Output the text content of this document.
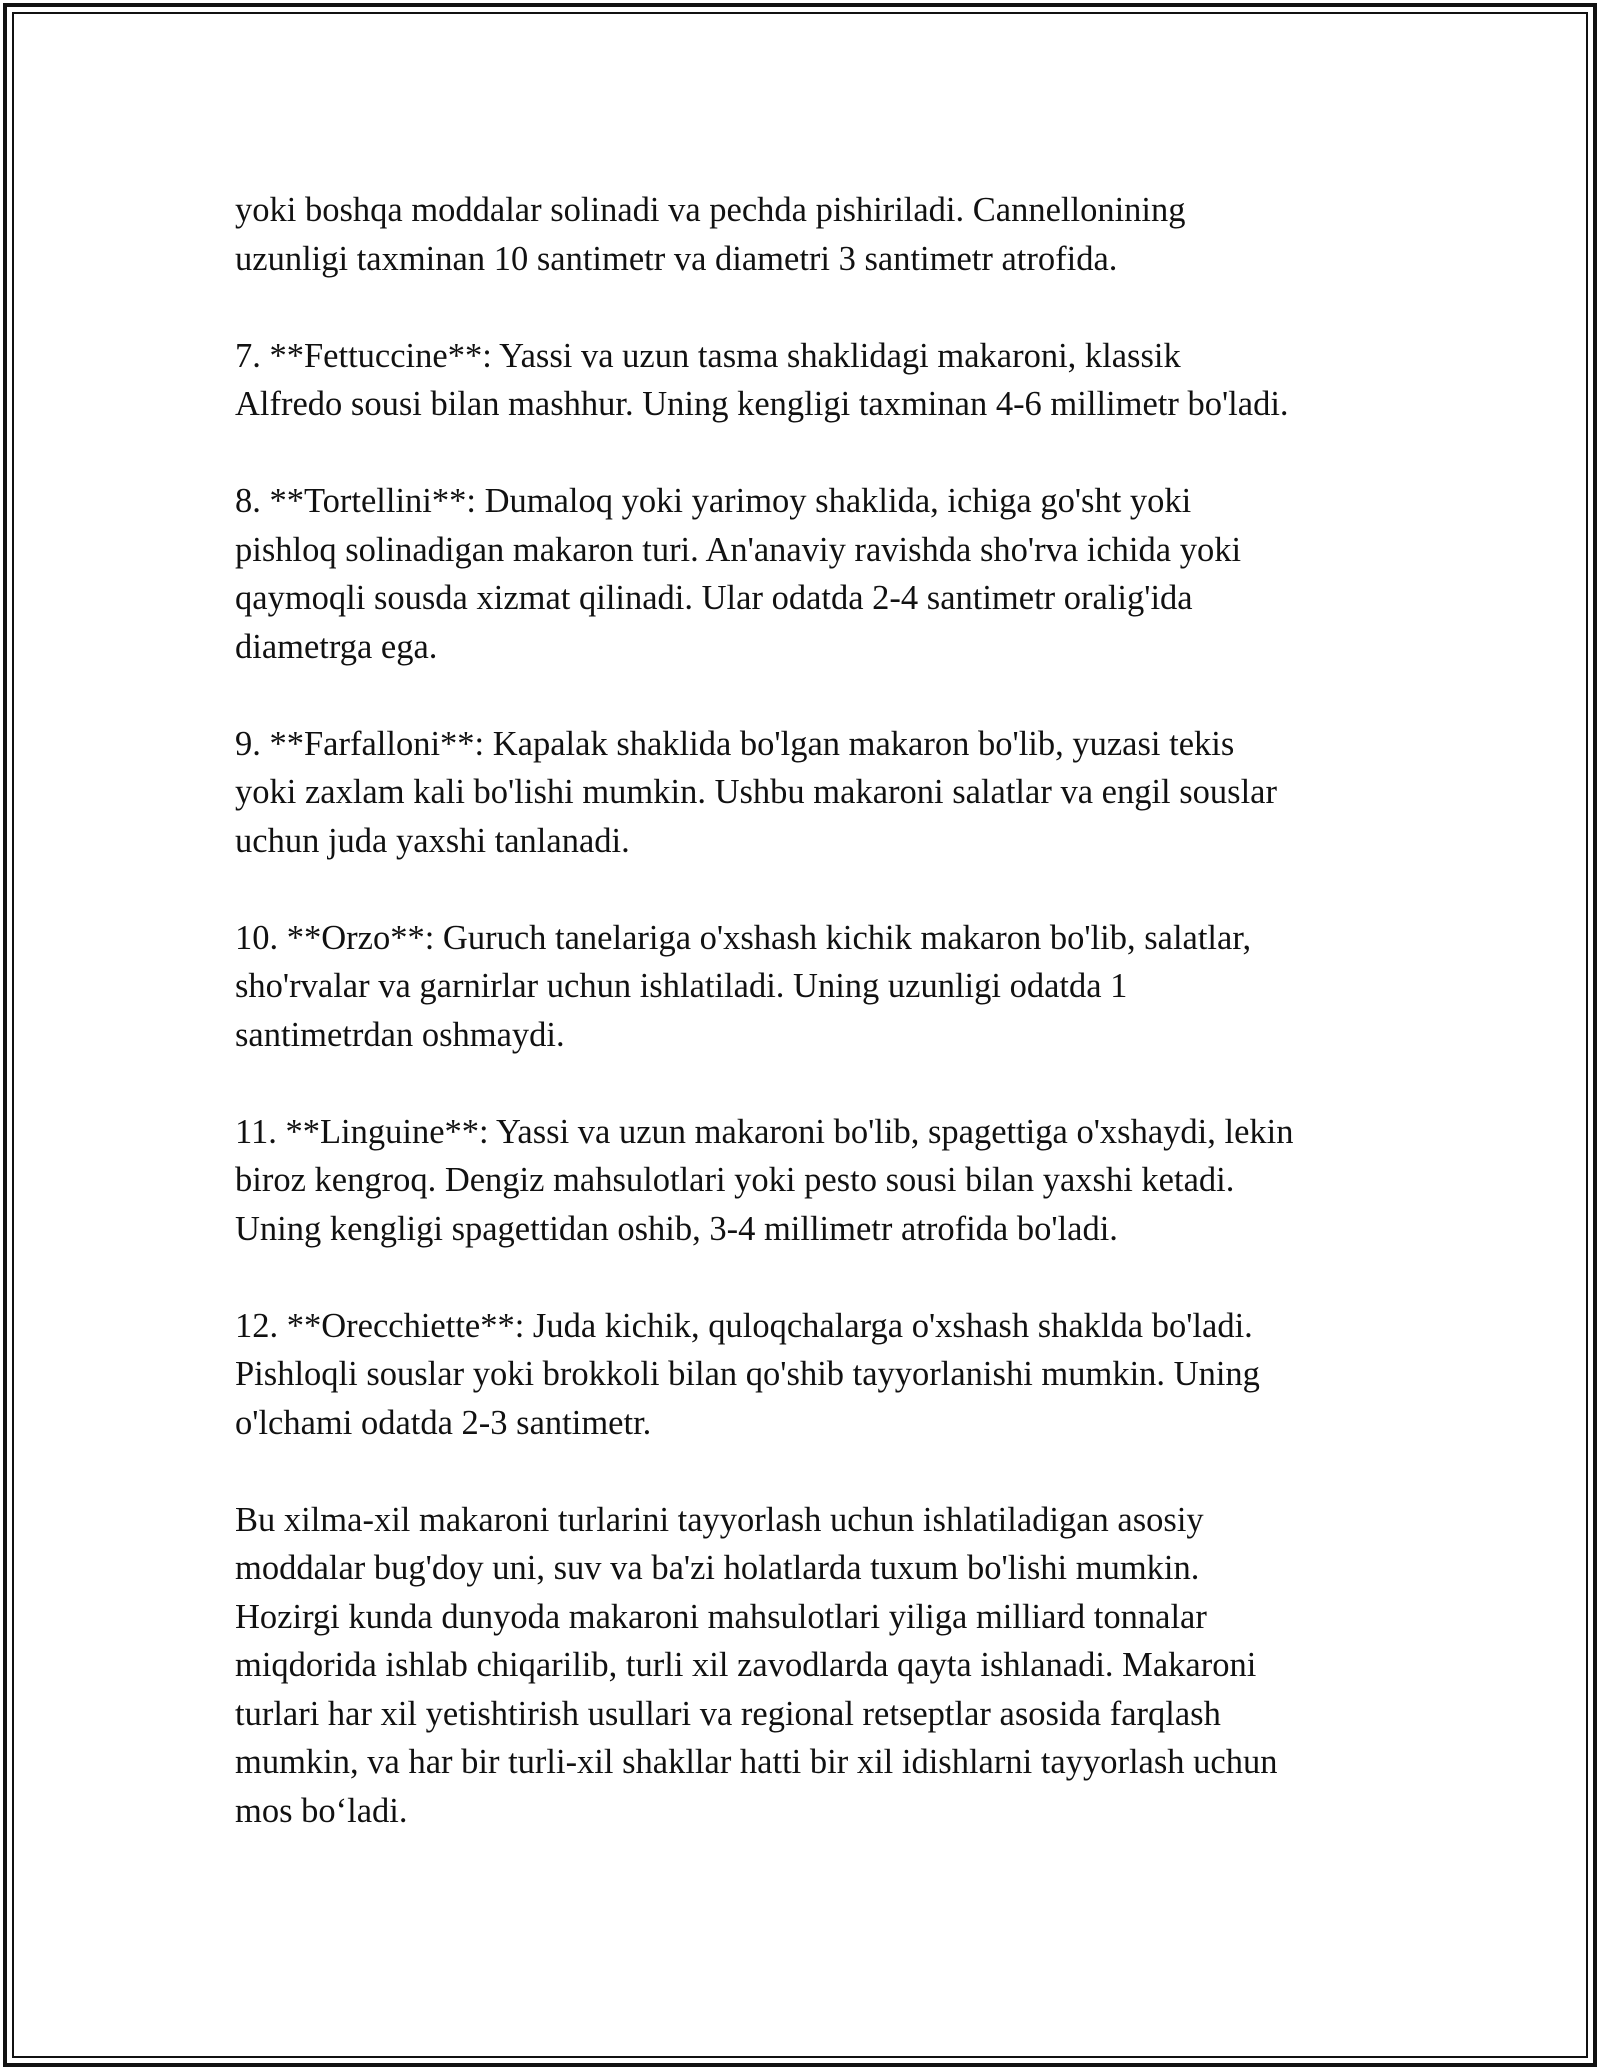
yoki boshqa moddalar solinadi va pechda pishiriladi. Cannellonining
uzunligi taxminan 10 santimetr va diametri 3 santimetr atrofida.

7. **Fettuccine**: Yassi va uzun tasma shaklidagi makaroni, klassik
Alfredo sousi bilan mashhur. Uning kengligi taxminan 4-6 millimetr bo'ladi.

8. **Tortellini**: Dumaloq yoki yarimoy shaklida, ichiga go'sht yoki
pishloq solinadigan makaron turi. An'anaviy ravishda sho'rva ichida yoki
qaymoqli sousda xizmat qilinadi. Ular odatda 2-4 santimetr oralig'ida
diametrga ega.

9. **Farfalloni**: Kapalak shaklida bo'lgan makaron bo'lib, yuzasi tekis
yoki zaxlam kali bo'lishi mumkin. Ushbu makaroni salatlar va engil souslar
uchun juda yaxshi tanlanadi.

10. **Orzo**: Guruch tanelariga o'xshash kichik makaron bo'lib, salatlar,
sho'rvalar va garnirlar uchun ishlatiladi. Uning uzunligi odatda 1
santimetrdan oshmaydi.

11. **Linguine**: Yassi va uzun makaroni bo'lib, spagettiga o'xshaydi, lekin
biroz kengroq. Dengiz mahsulotlari yoki pesto sousi bilan yaxshi ketadi.
Uning kengligi spagettidan oshib, 3-4 millimetr atrofida bo'ladi.

12. **Orecchiette**: Juda kichik, quloqchalarga o'xshash shaklda bo'ladi.
Pishloqli souslar yoki brokkoli bilan qo'shib tayyorlanishi mumkin. Uning
o'lchami odatda 2-3 santimetr.

Bu xilma-xil makaroni turlarini tayyorlash uchun ishlatiladigan asosiy
moddalar bug'doy uni, suv va ba'zi holatlarda tuxum bo'lishi mumkin.
Hozirgi kunda dunyoda makaroni mahsulotlari yiliga milliard tonnalar
miqdorida ishlab chiqarilib, turli xil zavodlarda qayta ishlanadi. Makaroni
turlari har xil yetishtirish usullari va regional retseptlar asosida farqlash
mumkin, va har bir turli-xil shakllar hatti bir xil idishlarni tayyorlash uchun
mos bo‘ladi.
